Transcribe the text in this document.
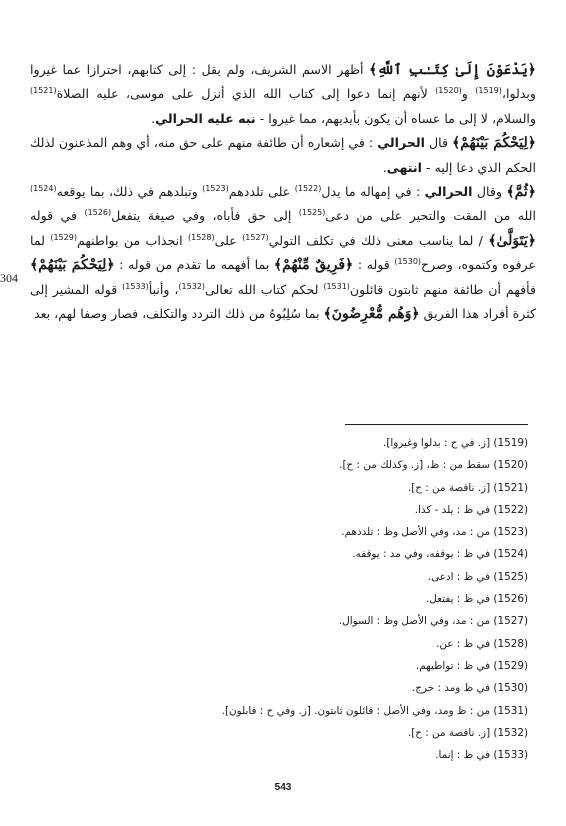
﴿يَدْعَوْنَ إِلَىٰ كِتَـٰبِ ٱللَّهِ﴾ أظهر الاسم الشريف، ولم يقل : إلى كتابهم، احترازا عما غيروا وبدلوا،$^{(1519)}$ و$^{(1520)}$ لأنهم إنما دعوا إلى كتاب الله الذي أنزل على موسى، عليه الصلاة$^{(1521)}$ والسلام، لا إلى ما عساه أن يكون بأيديهم، مما غيروا - نبه عليه الحرالي.

﴿لِيَحْكُمَ بَيْنَهُمْ﴾ قال الحرالي : في إشعاره أن طائفة منهم على حق منه، أي وهم المذعنون لذلك الحكم الذي دعا إليه - انتهى.

﴿ثُمَّ﴾ وقال الحرالي : في إمهاله ما يدل$^{(1522)}$ على تلددهم$^{(1523)}$ وتبلدهم في ذلك، بما يوقعه$^{(1524)}$ الله من المقت والتحير على من دعى$^{(1525)}$ إلى حق فأباه، وفي صيغة يتفعل$^{(1526)}$ في قوله ﴿يَتَوَلَّىٰ﴾ / لما يناسب معنى ذلك في تكلف التولي$^{(1527)}$ على$^{(1528)}$ انجذاب من بواطنهم$^{(1529)}$ لما عرفوه وكتموه، وصرح$^{(1530)}$ قوله : ﴿فَرِيقٌ مِّنْهُمْ﴾ بما أفهمه ما تقدم من قوله : ﴿لِيَحْكُمَ بَيْنَهُمْ﴾ فأفهم أن طائفة منهم ثابتون قائلون$^{(1531)}$ لحكم كتاب الله تعالى$^{(1532)}$، وأنبأ$^{(1533)}$ قوله المشير إلى كثرة أفراد هذا الفريق ﴿وَهُم مُّعْرِضُونَ﴾ بما سُلِبُوهُ من ذلك التردد والتكلف، فصار وصفا لهم، بعد

304
(1519) [ز. في ح : بدلوا وغيروا].
(1520) سقط من : ظ، [ز. وكذلك من : ح].
(1521) [ز. ناقصة من : ح].
(1522) في ظ : يلد - كذا.
(1523) من : مد، وفي الأصل وظ : تلدذهم.
(1524) في ظ : يوقفه، وفي مد : يوقفه.
(1525) في ظ : ادعى.
(1526) في ظ : يفتعل.
(1527) من : مد، وفي الأصل وظ : السوال.
(1528) في ظ : عن.
(1529) في ظ : تواطيهم.
(1530) في ظ ومد : خرج.
(1531) من : ظ ومد، وفي الأصل : قائلون ثابتون. [ز. وفي ح : قابلون].
(1532) [ز. ناقصة من : ح].
(1533) في ظ : إنما.
543
